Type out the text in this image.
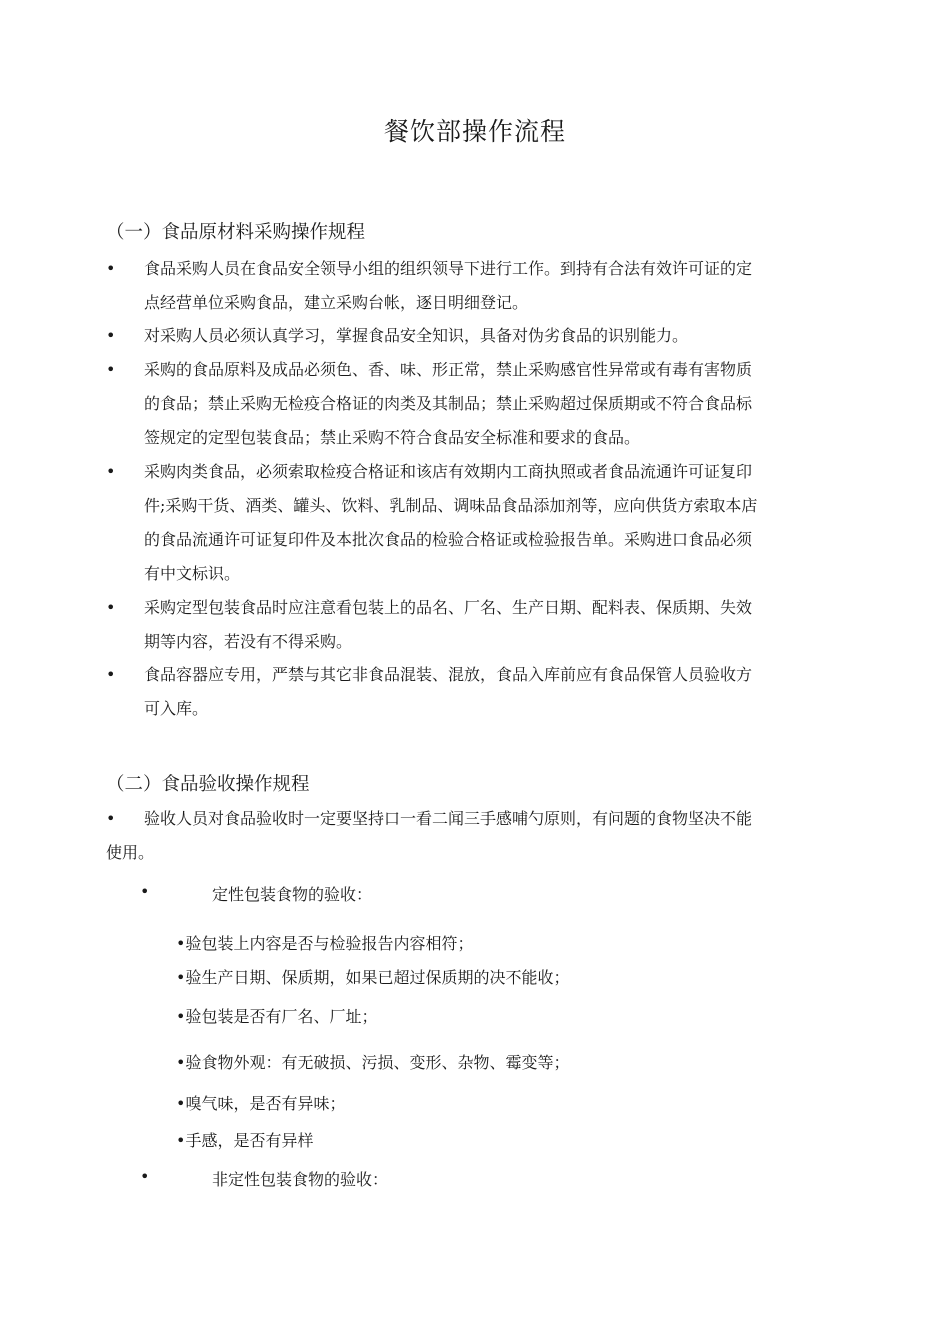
餐饮部操作流程
（一）食品原材料采购操作规程
•	食品采购人员在食品安全领导小组的组织领导下进行工作。到持有合法有效许可证的定
点经营单位采购食品，建立采购台帐，逐日明细登记。
•	对采购人员必须认真学习，掌握食品安全知识，具备对伪劣食品的识别能力。
•	采购的食品原料及成品必须色、香、味、形正常，禁止采购感官性异常或有毒有害物质
的食品；禁止采购无检疫合格证的肉类及其制品；禁止采购超过保质期或不符合食品标
签规定的定型包装食品；禁止采购不符合食品安全标准和要求的食品。
•	采购肉类食品，必须索取检疫合格证和该店有效期内工商执照或者食品流通许可证复印
件;采购干货、酒类、罐头、饮料、乳制品、调味品食品添加剂等，应向供货方索取本店
的食品流通许可证复印件及本批次食品的检验合格证或检验报告单。采购进口食品必须
有中文标识。
•	采购定型包装食品时应注意看包装上的品名、厂名、生产日期、配料表、保质期、失效
期等内容，若没有不得采购。
•	食品容器应专用，严禁与其它非食品混装、混放，食品入库前应有食品保管人员验收方
可入库。
（二）食品验收操作规程
•	验收人员对食品验收时一定要坚持口一看二闻三手感哺勺原则，有问题的食物坚决不能
使用。
•	定性包装食物的验收：
•验包装上内容是否与检验报告内容相符；
•验生产日期、保质期，如果已超过保质期的决不能收；
•验包装是否有厂名、厂址；
•验食物外观：有无破损、污损、变形、杂物、霉变等；
•嗅气味，是否有异味；
•手感，是否有异样
•	非定性包装食物的验收：
